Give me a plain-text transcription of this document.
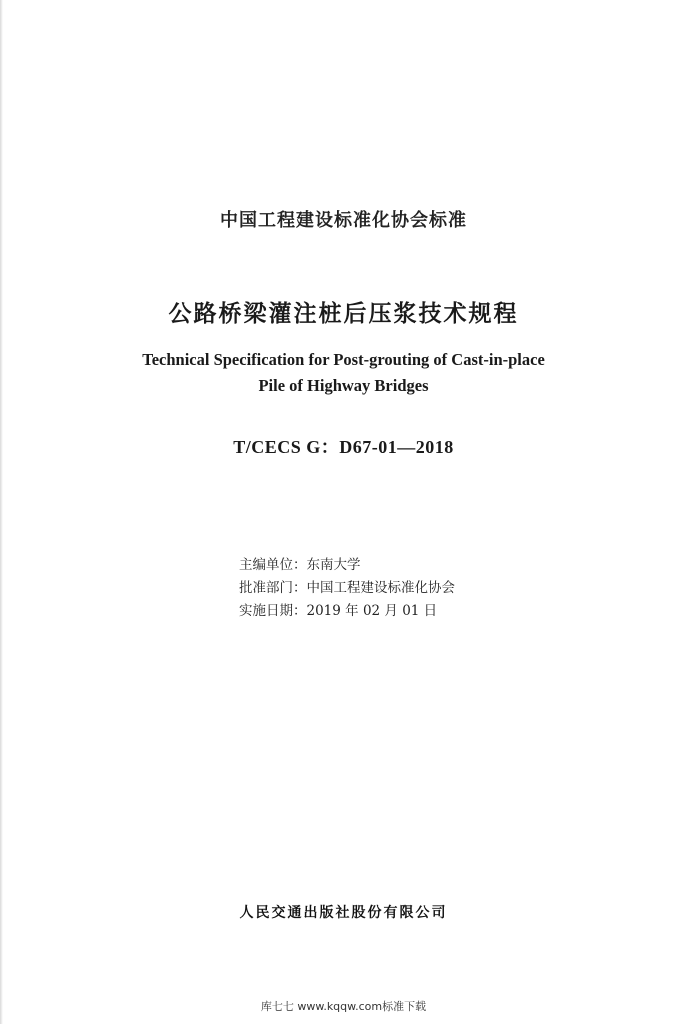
中国工程建设标准化协会标准
公路桥梁灌注桩后压浆技术规程
Technical Specification for Post-grouting of Cast-in-place
Pile of Highway Bridges
T/CECS G：D67-01—2018
主编单位：东南大学
批准部门：中国工程建设标准化协会
实施日期：2019 年 02 月 01 日
人民交通出版社股份有限公司
库七七 www.kqqw.com标准下载
